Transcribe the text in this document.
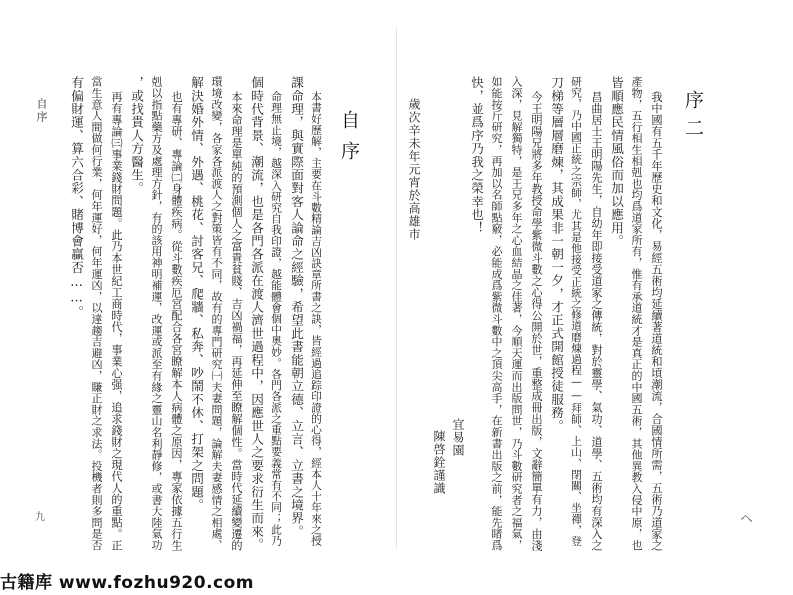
序二
我中國有五千年歷史和文化，易經五術均延續著道統和頃潮流，合國情所需，五術乃道家之
產物，五行相生相剋也均爲道家所有，惟有承道統才是真正的中國五術，其他異教入侵中原，也
皆順應民情風俗而加以應用。
昌曲居士王明陽先生，自幼年即接受道家之傳統，對於靈學、氣功、道學、五術均有深入之
研究，乃中國正統之宗師，尤其是他接受正統之修道磨煉過程——拜師、上山、閉關、坐禪，登
刀梯等層層磨煉，其成果非一朝一夕，才正式開館授徒服務。
今王明陽兄將多年教授命學紫微斗數之心得公開於世，重整成冊出版，文辭簡單有力，由淺
入深，見解獨特，是王兄多年之心血結晶之佳著，今順天運而出版問世，乃斗數研究者之福氣，
如能按斤研究，再加以名師點竅，必能成爲紫微斗數中之頂尖高手，在新書出版之前，能先睹爲
快，並爲序乃我之榮幸也！
宜易園
陳啓銓謹識
歲次辛未年元宵於高雄市
ヘ
自序
本書好歷解，主要在斗數精論吉凶訣章所書之訣，皆經過追踪印證的心得，經本人十年來之授
課命理，與實際面對客人論命之經驗，希望此書能朝立德、立言、立書之境界。
命理無止境，越深入研究自我印證，越能體會個中奧妙。各門各派之重點要義常有不同；此乃
個時代背景、潮流，也是各門各派在渡人濟世過程中，因應世人之要求衍生而來。
本來命理是單純的預測個人之富貴貧賤、吉凶禍福，再延伸至瞭解個性。當時代延續變遷的
環境改變，各家各派渡人之對策皆有不同，故有的專門研究㈠夫妻問題，論解夫妻感情之相處、
解決婚外情、外遇、桃花、討客兄、爬牆、私奔、吵鬧不休、打架之問題。
也有專研、專論㈡身體疾病。從斗數疾厄宮配合各宮瞭解本人病體之原因，專家依據五行生
剋以指點藥方及處理方針，有的該用神明補運，改運或派至有緣之靈山名利靜修，或書大陸氣功
，或找貴人方醫生。
再有專論㈢事業錢財問題。此乃本世紀工商時代，事業心强，追求錢財之現代人的重點。正
當生意人間做何行業，何年運好，何年運凶，以達趨吉避凶，賺正財之求法。投機者則多問是否
有偏財運、算六合彩、賭博會贏否……。
自序
九
古籍库 www.fozhu920.com
